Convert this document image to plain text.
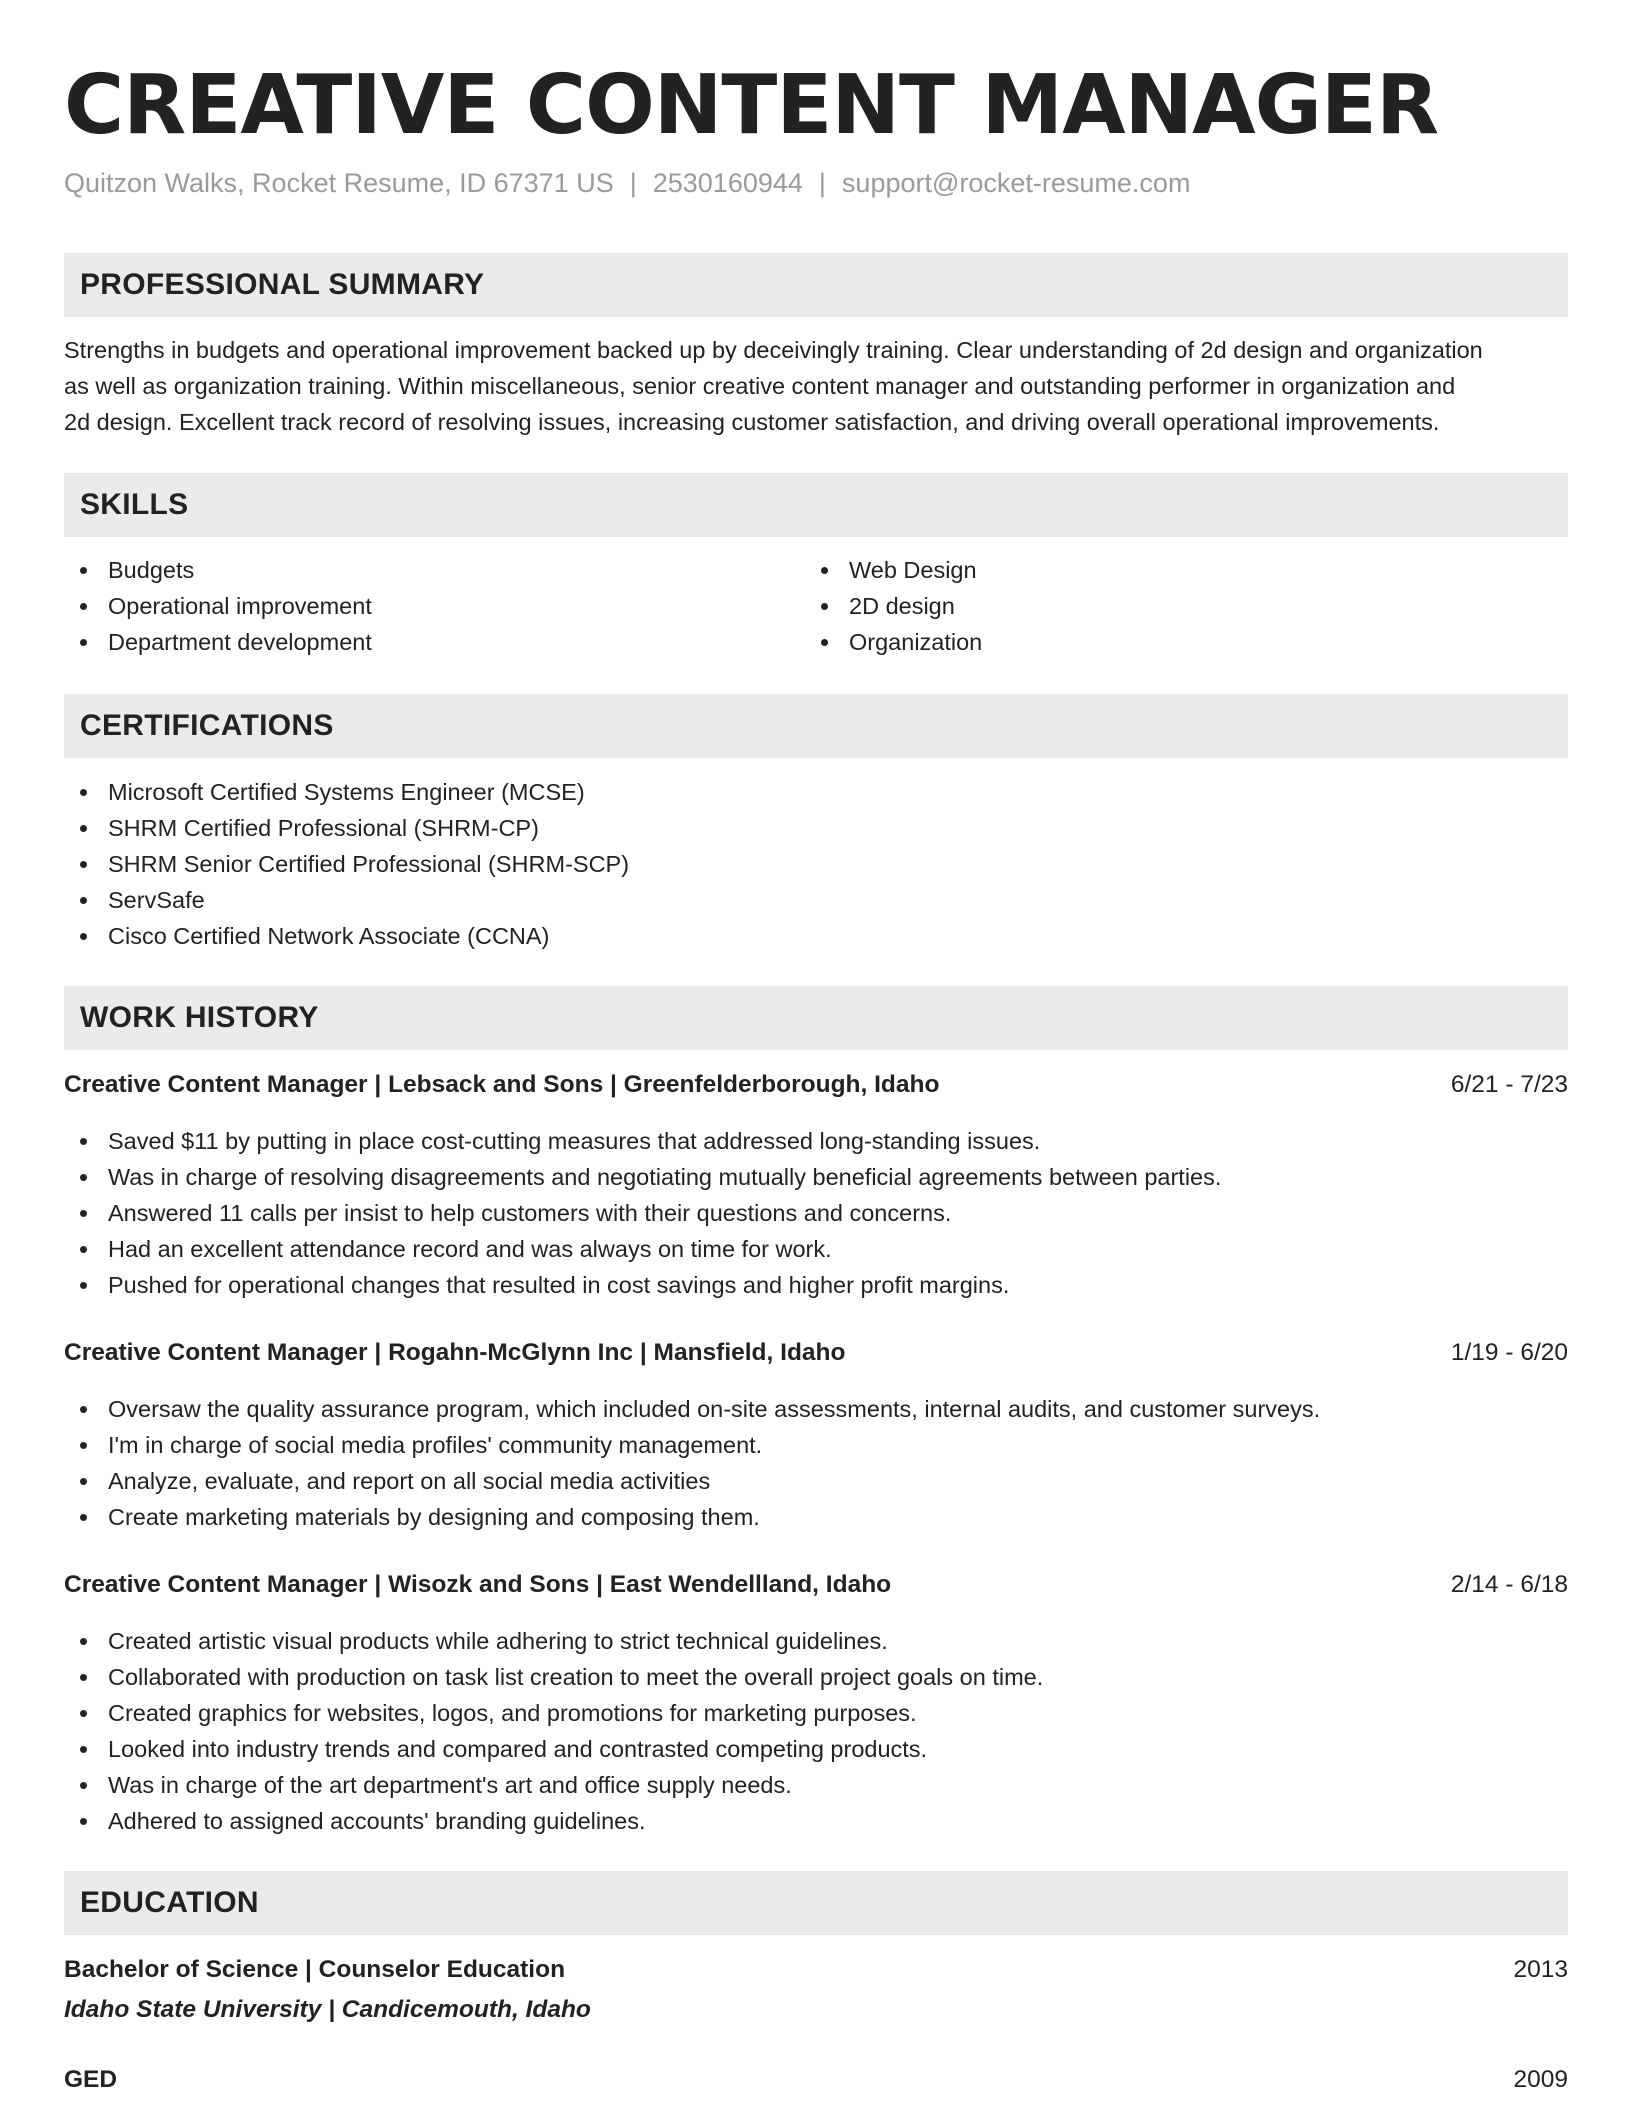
CREATIVE CONTENT MANAGER
Quitzon Walks, Rocket Resume, ID 67371 US | 2530160944 | support@rocket-resume.com
PROFESSIONAL SUMMARY
Strengths in budgets and operational improvement backed up by deceivingly training. Clear understanding of 2d design and organization
as well as organization training. Within miscellaneous, senior creative content manager and outstanding performer in organization and
2d design. Excellent track record of resolving issues, increasing customer satisfaction, and driving overall operational improvements.
SKILLS
Budgets
Operational improvement
Department development
Web Design
2D design
Organization
CERTIFICATIONS
Microsoft Certified Systems Engineer (MCSE)
SHRM Certified Professional (SHRM-CP)
SHRM Senior Certified Professional (SHRM-SCP)
ServSafe
Cisco Certified Network Associate (CCNA)
WORK HISTORY
Creative Content Manager | Lebsack and Sons | Greenfelderborough, Idaho	6/21 - 7/23
Saved $11 by putting in place cost-cutting measures that addressed long-standing issues.
Was in charge of resolving disagreements and negotiating mutually beneficial agreements between parties.
Answered 11 calls per insist to help customers with their questions and concerns.
Had an excellent attendance record and was always on time for work.
Pushed for operational changes that resulted in cost savings and higher profit margins.
Creative Content Manager | Rogahn-McGlynn Inc | Mansfield, Idaho	1/19 - 6/20
Oversaw the quality assurance program, which included on-site assessments, internal audits, and customer surveys.
I'm in charge of social media profiles' community management.
Analyze, evaluate, and report on all social media activities
Create marketing materials by designing and composing them.
Creative Content Manager | Wisozk and Sons | East Wendellland, Idaho	2/14 - 6/18
Created artistic visual products while adhering to strict technical guidelines.
Collaborated with production on task list creation to meet the overall project goals on time.
Created graphics for websites, logos, and promotions for marketing purposes.
Looked into industry trends and compared and contrasted competing products.
Was in charge of the art department's art and office supply needs.
Adhered to assigned accounts' branding guidelines.
EDUCATION
Bachelor of Science | Counselor Education	2013
Idaho State University | Candicemouth, Idaho
GED	2009
